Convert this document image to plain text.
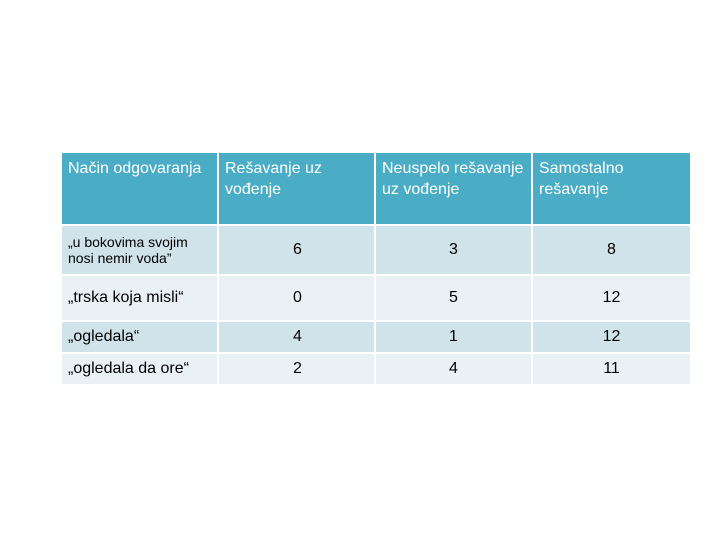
Način odgovaranja	Rešavanje uz vođenje	Neuspelo rešavanje uz vođenje	Samostalno rešavanje
„u bokovima svojim nosi nemir voda”	6	3	8
„trska koja misli“	0	5	12
„ogledala“	4	1	12
„ogledala da ore“	2	4	11
